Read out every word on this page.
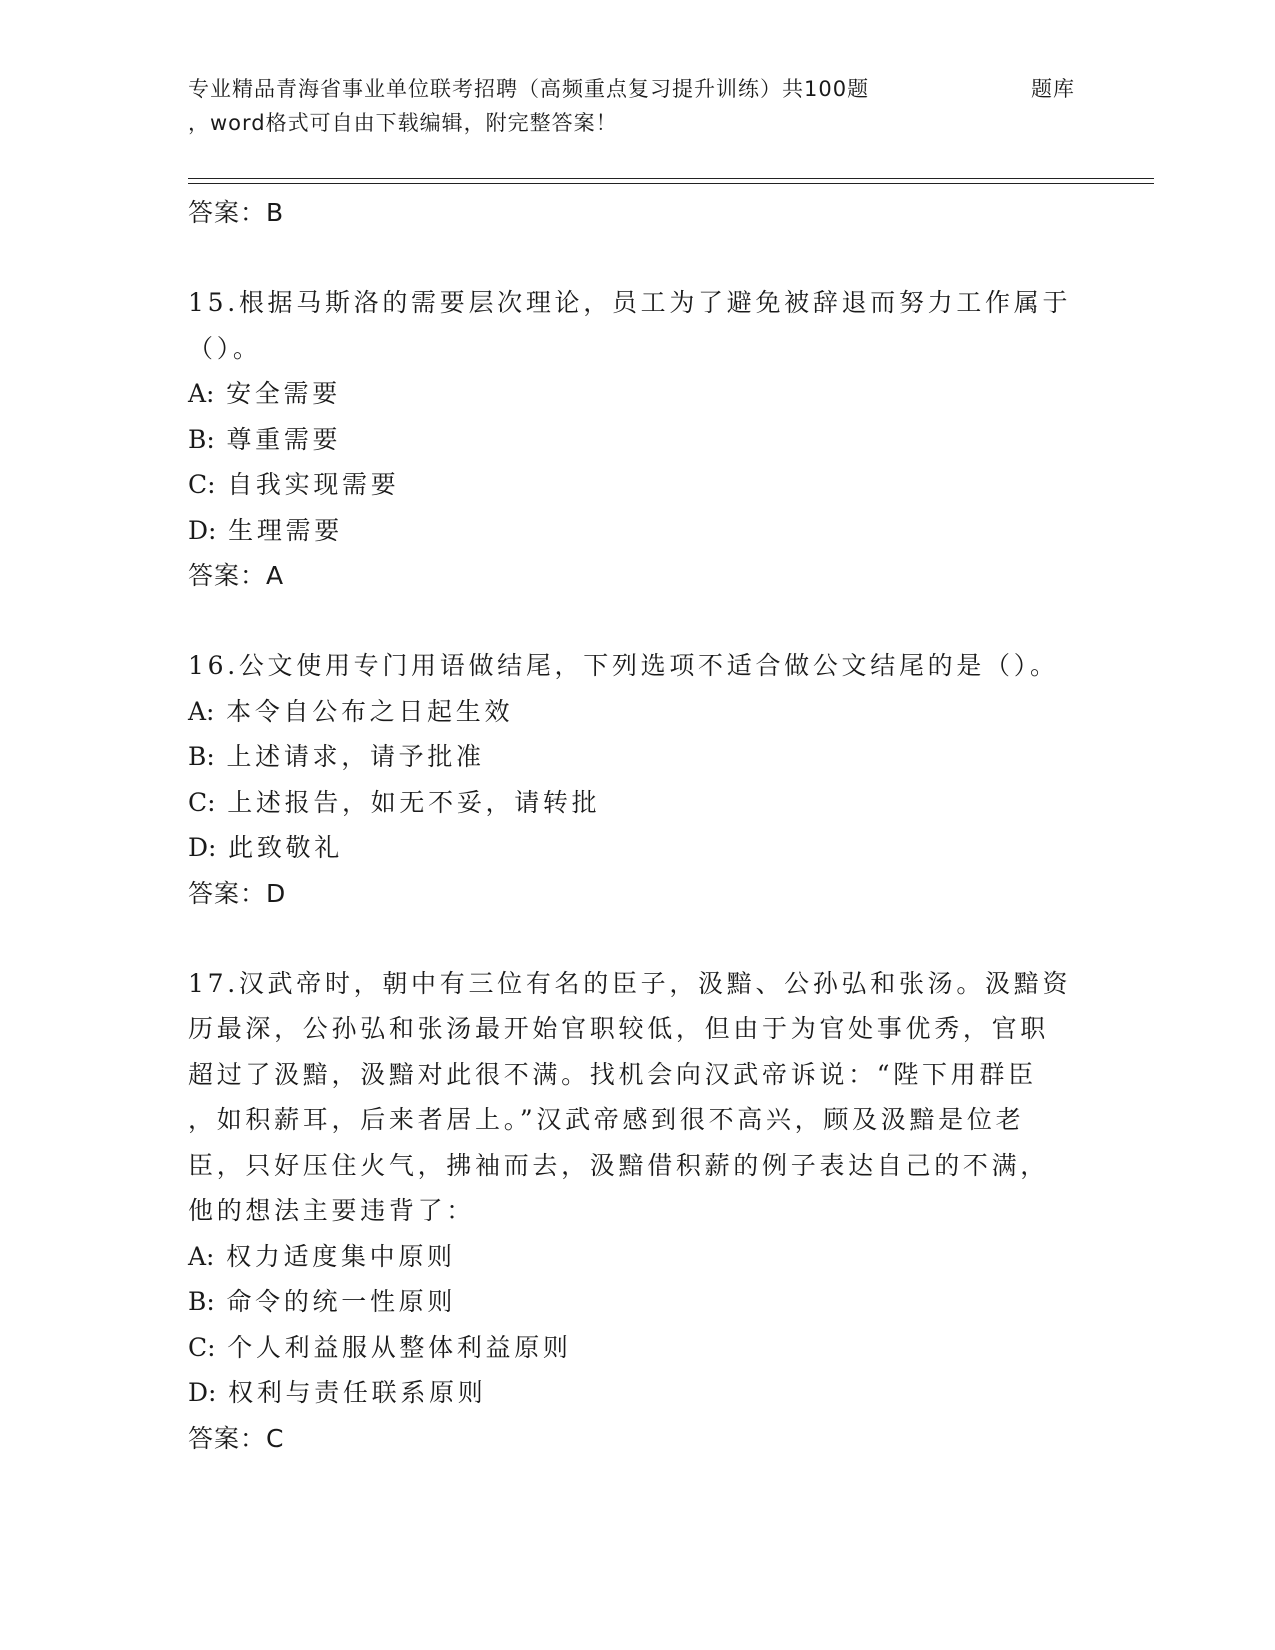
专业精品青海省事业单位联考招聘（高频重点复习提升训练）共100题	题库
，word格式可自由下载编辑，附完整答案！
答案：B
15.根据马斯洛的需要层次理论，员工为了避免被辞退而努力工作属于
（）。
A: 安全需要
B: 尊重需要
C: 自我实现需要
D: 生理需要
答案：A
16.公文使用专门用语做结尾，下列选项不适合做公文结尾的是（）。
A: 本令自公布之日起生效
B: 上述请求，请予批准
C: 上述报告，如无不妥，请转批
D: 此致敬礼
答案：D
17.汉武帝时，朝中有三位有名的臣子，汲黯、公孙弘和张汤。汲黯资
历最深，公孙弘和张汤最开始官职较低，但由于为官处事优秀，官职
超过了汲黯，汲黯对此很不满。找机会向汉武帝诉说：“陛下用群臣
，如积薪耳，后来者居上。”汉武帝感到很不高兴，顾及汲黯是位老
臣，只好压住火气，拂袖而去，汲黯借积薪的例子表达自己的不满，
他的想法主要违背了：
A: 权力适度集中原则
B: 命令的统一性原则
C: 个人利益服从整体利益原则
D: 权利与责任联系原则
答案：C
